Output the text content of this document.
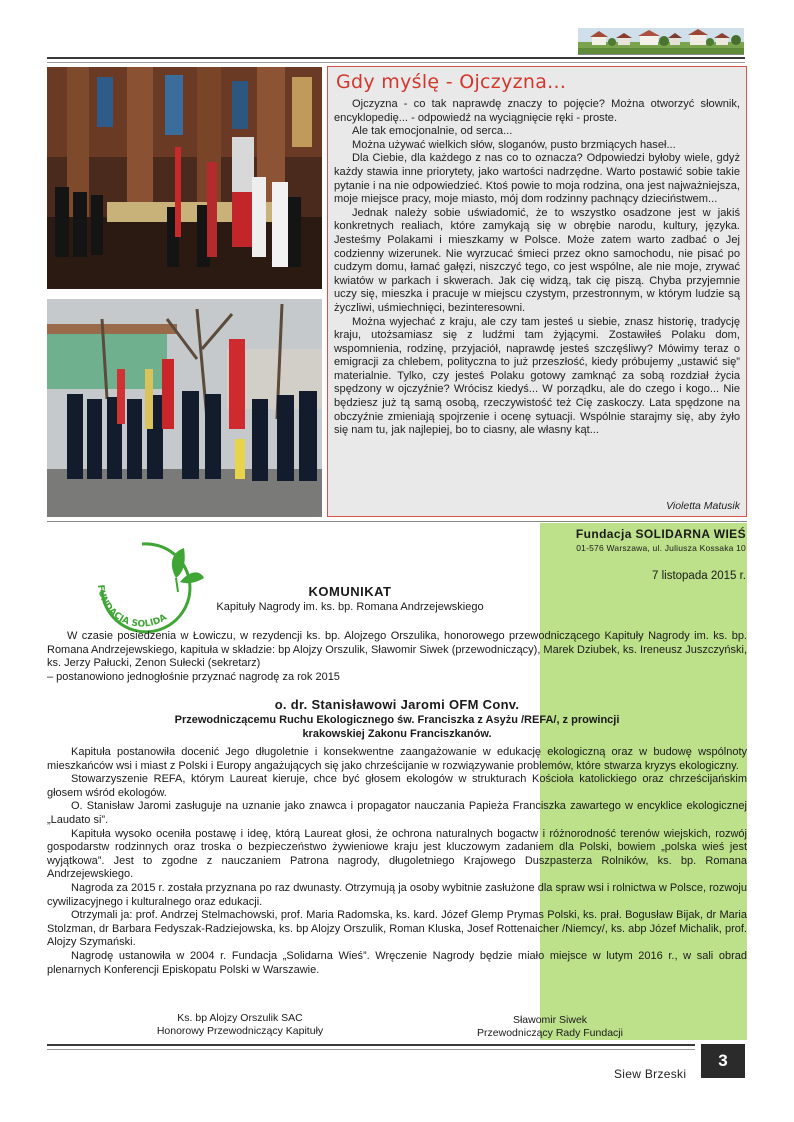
Gdy myślę - Ojczyzna...

Ojczyzna - co tak naprawdę znaczy to pojęcie? Można otworzyć słownik, encyklopedię... - odpowiedź na wyciągnięcie ręki - proste.

Ale tak emocjonalnie, od serca...

Można używać wielkich słów, sloganów, pusto brzmiących haseł...

Dla Ciebie, dla każdego z nas co to oznacza? Odpowiedzi byłoby wiele, gdyż każdy stawia inne priorytety, jako wartości nadrzędne. Warto postawić sobie takie pytanie i na nie odpowiedzieć. Ktoś powie to moja rodzina, ona jest najważniejsza, moje miejsce pracy, moje miasto, mój dom rodzinny pachnący dzieciństwem...

Jednak należy sobie uświadomić, że to wszystko osadzone jest w jakiś konkretnych realiach, które zamykają się w obrębie narodu, kultury, języka. Jesteśmy Polakami i mieszkamy w Polsce. Może zatem warto zadbać o Jej codzienny wizerunek. Nie wyrzucać śmieci przez okno samochodu, nie pisać po cudzym domu, łamać gałęzi, niszczyć tego, co jest wspólne, ale nie moje, zrywać kwiatów w parkach i skwerach. Jak cię widzą, tak cię piszą. Chyba przyjemnie uczy się, mieszka i pracuje w miejscu czystym, przestronnym, w którym ludzie są życzliwi, uśmiechnięci, bezinteresowni.

Można wyjechać z kraju, ale czy tam jesteś u siebie, znasz historię, tradycję kraju, utożsamiasz się z ludźmi tam żyjącymi. Zostawiłeś Polaku dom, wspomnienia, rodzinę, przyjaciół, naprawdę jesteś szczęśliwy? Mówimy teraz o emigracji za chlebem, polityczna to już przeszłość, kiedy próbujemy „ustawić się” materialnie. Tylko, czy jesteś Polaku gotowy zamknąć za sobą rozdział życia spędzony w ojczyźnie? Wrócisz kiedyś... W porządku, ale do czego i kogo... Nie będziesz już tą samą osobą, rzeczywistość też Cię zaskoczy. Lata spędzone na obczyźnie zmieniają spojrzenie i ocenę sytuacji. Wspólnie starajmy się, aby żyło się nam tu, jak najlepiej, bo to ciasny, ale własny kąt...

Violetta Matusik
FUNDACJA SOLIDA
Fundacja SOLIDARNA WIEŚ
01-576 Warszawa, ul. Juliusza Kossaka 10
7 listopada 2015 r.
KOMUNIKAT
Kapituły Nagrody im. ks. bp. Romana Andrzejewskiego

W czasie posiedzenia w Łowiczu, w rezydencji ks. bp. Alojzego Orszulika, honorowego przewodniczącego Kapituły Nagrody im. ks. bp. Romana Andrzejewskiego, kapituła w składzie: bp Alojzy Orszulik, Sławomir Siwek (przewodniczący), Marek Dziubek, ks. Ireneusz Juszczyński, ks. Jerzy Pałucki, Zenon Sułecki (sekretarz)

– postanowiono jednogłośnie przyznać nagrodę za rok 2015

o. dr. Stanisławowi Jaromi OFM Conv.
Przewodniczącemu Ruchu Ekologicznego św. Franciszka z Asyżu /REFA/, z prowincji krakowskiej Zakonu Franciszkanów.

Kapituła postanowiła docenić Jego długoletnie i konsekwentne zaangażowanie w edukację ekologiczną oraz w budowę wspólnoty mieszkańców wsi i miast z Polski i Europy angażujących się jako chrześcijanie w rozwiązywanie problemów, które stwarza kryzys ekologiczny.

Stowarzyszenie REFA, którym Laureat kieruje, chce być głosem ekologów w strukturach Kościoła katolickiego oraz chrześcijańskim głosem wśród ekologów.

O. Stanisław Jaromi zasługuje na uznanie jako znawca i propagator nauczania Papieża Franciszka zawartego w encyklice ekologicznej „Laudato si”.

Kapituła wysoko oceniła postawę i ideę, którą Laureat głosi, że ochrona naturalnych bogactw i różnorodność terenów wiejskich, rozwój gospodarstw rodzinnych oraz troska o bezpieczeństwo żywieniowe kraju jest kluczowym zadaniem dla Polski, bowiem „polska wieś jest wyjątkowa”. Jest to zgodne z nauczaniem Patrona nagrody, długoletniego Krajowego Duszpasterza Rolników, ks. bp. Romana Andrzejewskiego.

Nagroda za 2015 r. została przyznana po raz dwunasty. Otrzymują ja osoby wybitnie zasłużone dla spraw wsi i rolnictwa w Polsce, rozwoju cywilizacyjnego i kulturalnego oraz edukacji.

Otrzymali ja: prof. Andrzej Stelmachowski, prof. Maria Radomska, ks. kard. Józef Glemp Prymas Polski, ks. prał. Bogusław Bijak, dr Maria Stolzman, dr Barbara Fedyszak-Radziejowska, ks. bp Alojzy Orszulik, Roman Kluska, Josef Rottenaicher /Niemcy/, ks. abp Józef Michalik, prof. Alojzy Szymański.

Nagrodę ustanowiła w 2004 r. Fundacja „Solidarna Wieś”. Wręczenie Nagrody będzie miało miejsce w lutym 2016 r., w sali obrad plenarnych Konferencji Episkopatu Polski w Warszawie.

Ks. bp Alojzy Orszulik SAC
Honorowy Przewodniczący Kapituły
Sławomir Siwek
Przewodniczący Rady Fundacji
Siew Brzeski
3
